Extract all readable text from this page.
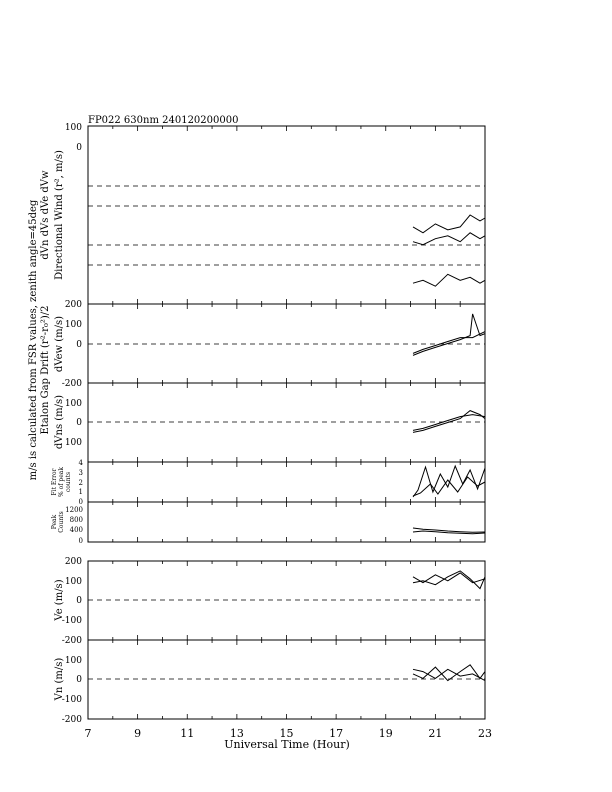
FP022 630nm 240120200000
100
0
200
100
0
-200
100
0
100
4
3
2
1
0
1200
800
400
0
200
100
0
-100
-200
100
0
-100
-200
dVn dVs dVe dVw Directional Wind (r², m/s)
m/s is calculated from FSR values, zenith angle=45deg Etalon Gap Drift (r²-r₀²)/2 dVew (m/s)
dVns (m/s)
Ve (m/s)
Vn (m/s)
Fit Error % of peak counts
Peak Counts
7	9	11	13	15	17	19	21	23
Universal Time (Hour)
